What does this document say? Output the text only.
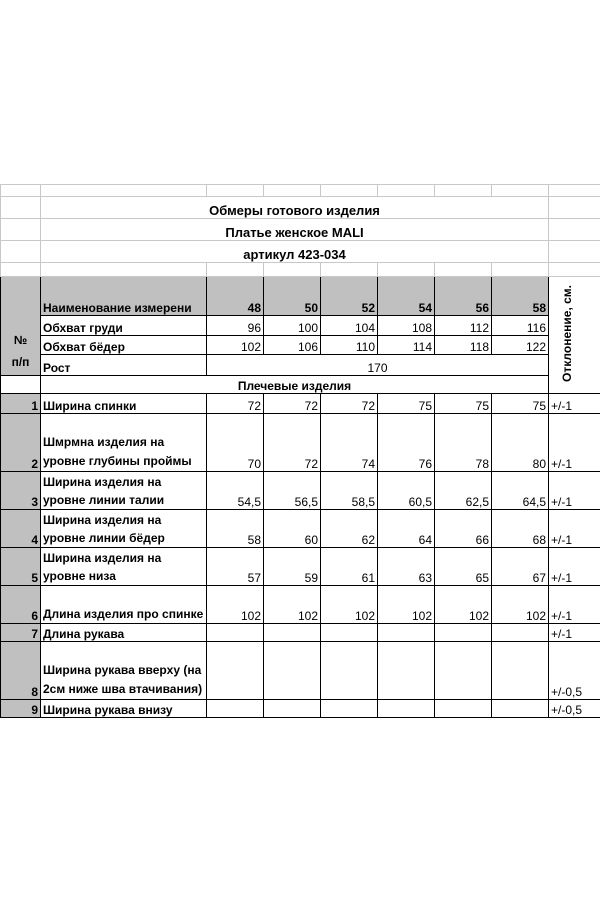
	Обмеры готового изделия							
	Платье женское MALI							
	артикул 423-034							

№
п/п	Наименование измерени	48	50	52	54	56	58	Отклонение, см.
	Обхват груди	96	100	104	108	112	116	
	Обхват бёдер	102	106	110	114	118	122	
	Рост	170						
	Плечевые изделия							
1	Ширина спинки	72	72	72	75	75	75	+/-1
2	Шмрмна изделия на уровне глубины проймы	70	72	74	76	78	80	+/-1
3	Ширина изделия на уровне линии талии	54,5	56,5	58,5	60,5	62,5	64,5	+/-1
4	Ширина изделия на уровне линии бёдер	58	60	62	64	66	68	+/-1
5	Ширина изделия на уровне низа	57	59	61	63	65	67	+/-1
6	Длина изделия про спинке	102	102	102	102	102	102	+/-1
7	Длина рукава							+/-1
8	Ширина рукава вверху (на 2см ниже шва втачивания)							+/-0,5
9	Ширина рукава внизу							+/-0,5
